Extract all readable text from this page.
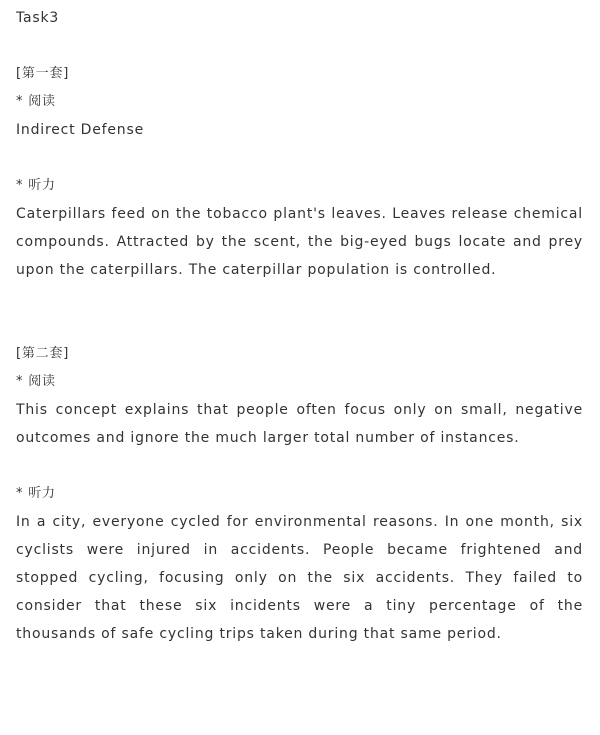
Task3
[第一套]
* 阅读
Indirect Defense
* 听力

Caterpillars feed on the tobacco plant's leaves. Leaves release chemical compounds. Attracted by the scent, the big-eyed bugs locate and prey upon the caterpillars. The caterpillar population is controlled.

[第二套]
* 阅读

This concept explains that people often focus only on small, negative outcomes and ignore the much larger total number of instances.

* 听力

In a city, everyone cycled for environmental reasons. In one month, six cyclists were injured in accidents. People became frightened and stopped cycling, focusing only on the six accidents. They failed to consider that these six incidents were a tiny percentage of the thousands of safe cycling trips taken during that same period.
